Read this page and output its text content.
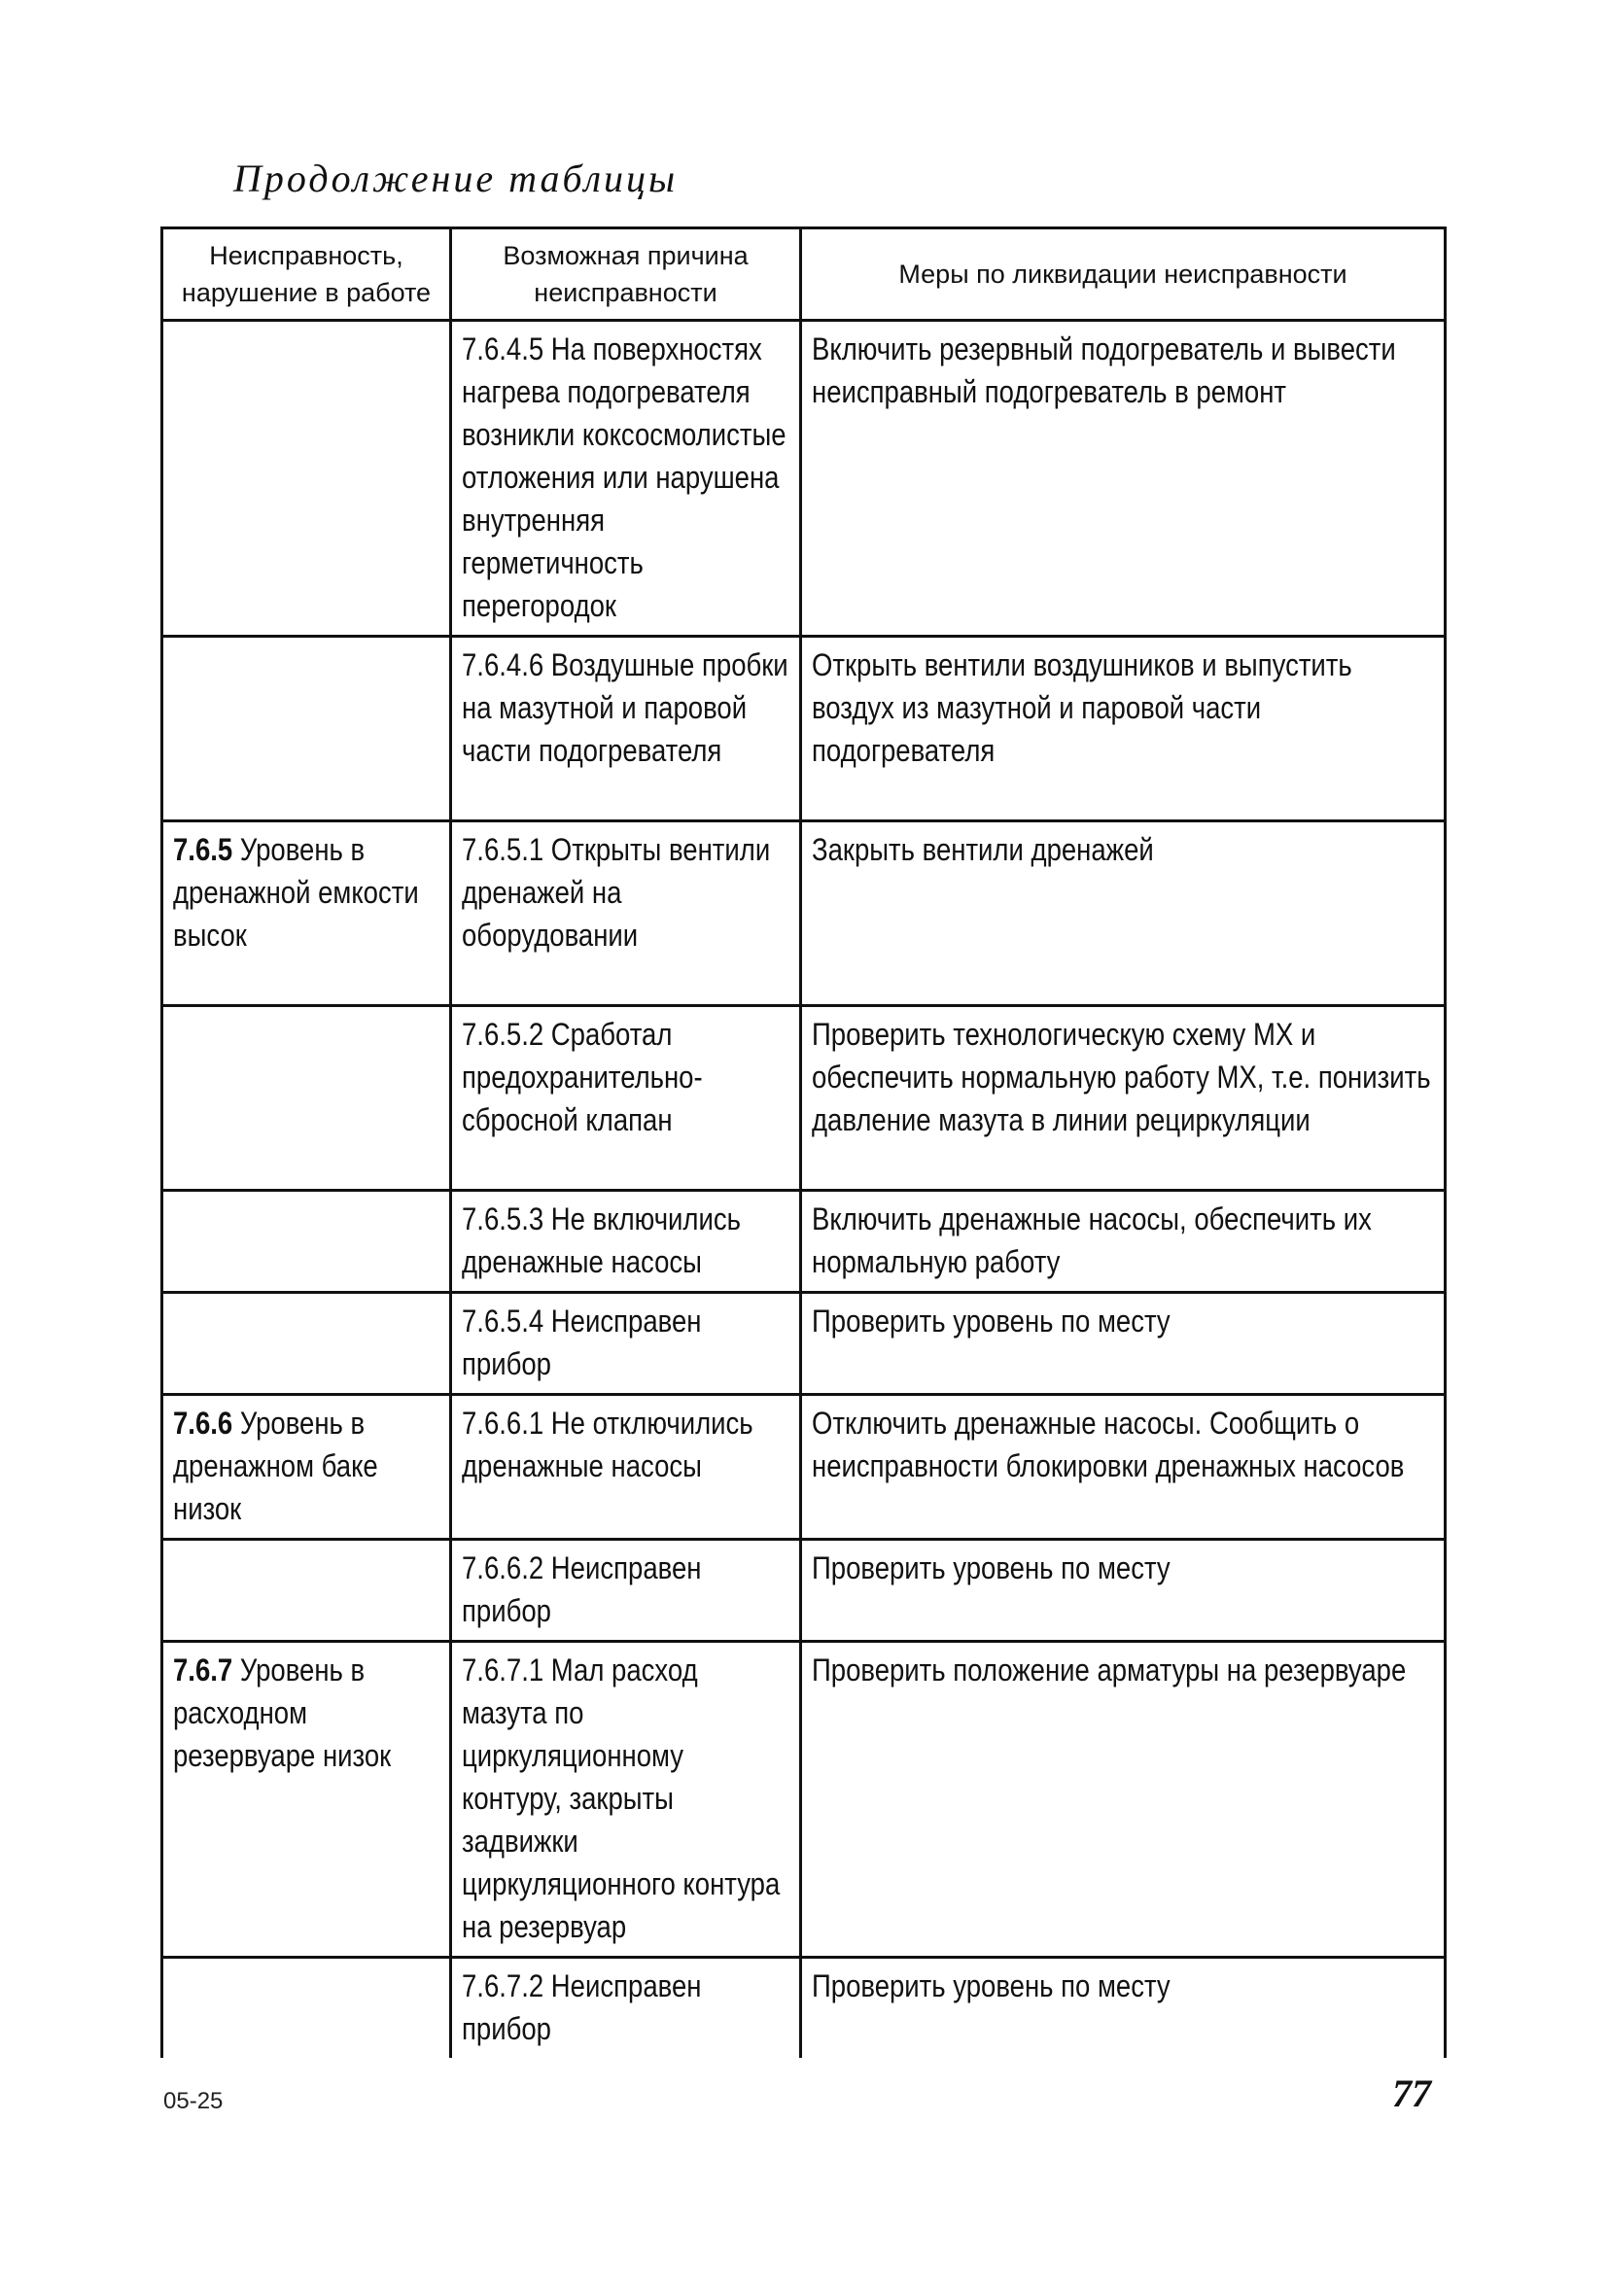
Продолжение таблицы
Неисправность, нарушение в работе	Возможная причина неисправности	Меры по ликвидации неисправности

	7.6.4.5 На поверхностях нагрева подогревателя возникли коксосмолистые отложения или нарушена внутренняя герметичность перегородок	Включить резервный подогреватель и вывести неисправный подогреватель в ремонт

	7.6.4.6 Воздушные пробки на мазутной и паровой части подогревателя	Открыть вентили воздушников и выпустить воздух из мазутной и паровой части подогревателя

7.6.5 Уровень в дренажной емкости высок	7.6.5.1 Открыты вентили дренажей на оборудовании	Закрыть вентили дренажей

	7.6.5.2 Сработал предохранительно-сбросной клапан	Проверить технологическую схему МХ и обеспечить нормальную работу МХ, т.е. понизить давление мазута в линии рециркуляции

	7.6.5.3 Не включились дренажные насосы	Включить дренажные насосы, обеспечить их нормальную работу

	7.6.5.4 Неисправен прибор	Проверить уровень по месту

7.6.6 Уровень в дренажном баке низок	7.6.6.1 Не отключились дренажные насосы	Отключить дренажные насосы. Сообщить о неисправности блокировки дренажных насосов

	7.6.6.2 Неисправен прибор	Проверить уровень по месту

7.6.7 Уровень в расходном резервуаре низок	7.6.7.1 Мал расход мазута по циркуляционному контуру, закрыты задвижки циркуляционного контура на резервуар	Проверить положение арматуры на резервуаре

	7.6.7.2 Неисправен прибор	Проверить уровень по месту
05-25	77
